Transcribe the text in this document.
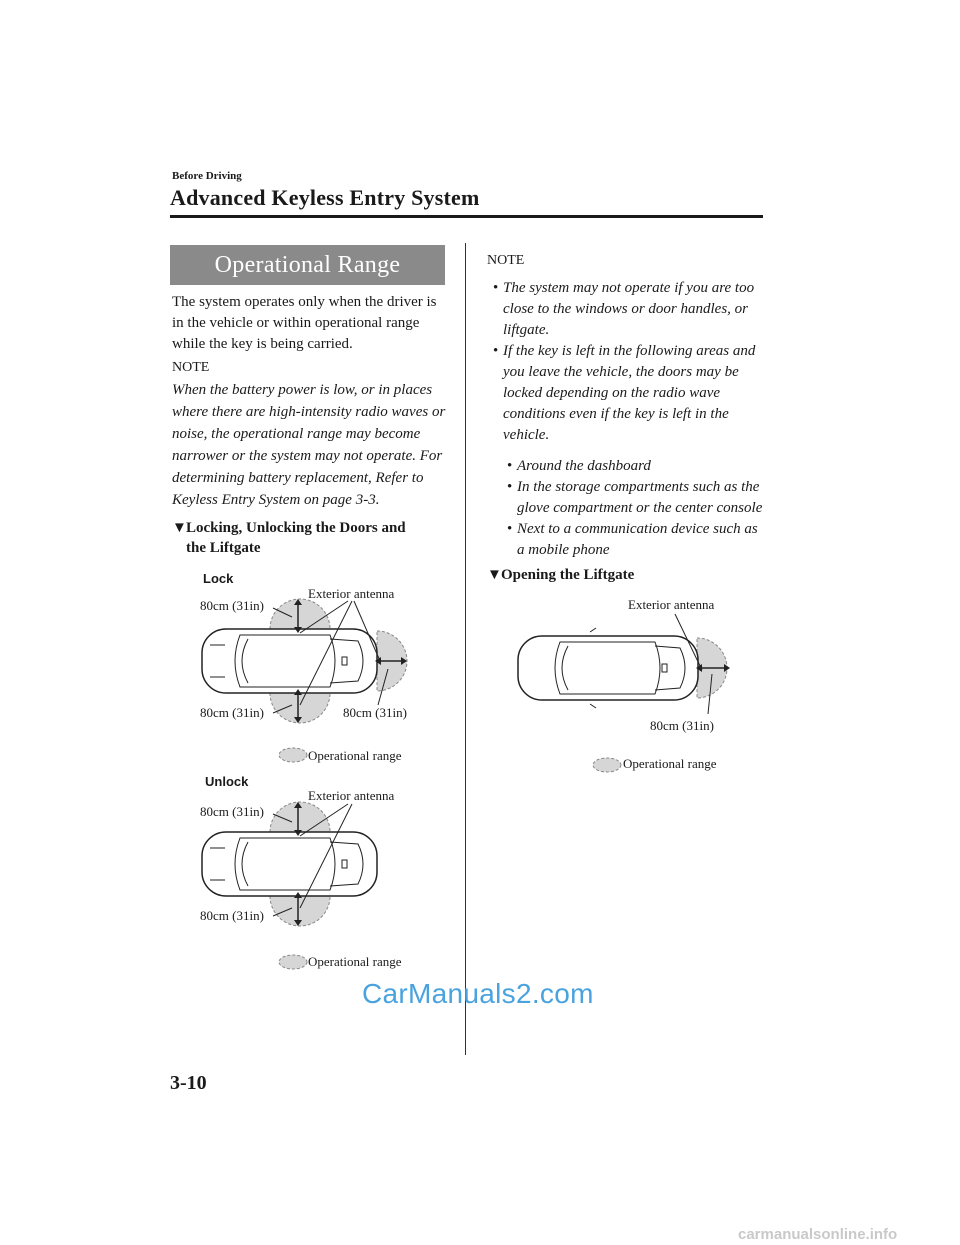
Before Driving
Advanced Keyless Entry System
Operational Range
The system operates only when the driver is in the vehicle or within operational range while the key is being carried.
NOTE
When the battery power is low, or in places where there are high-intensity radio waves or noise, the operational range may become narrower or the system may not operate. For determining battery replacement, Refer to Keyless Entry System on page 3-3.
▼Locking, Unlocking the Doors and
the Liftgate
Lock
Exterior antenna
80cm (31in)
80cm (31in)	80cm (31in)
Operational range
Unlock
Exterior antenna
80cm (31in)
80cm (31in)
Operational range
NOTE
• The system may not operate if you are too close to the windows or door handles, or liftgate.
• If the key is left in the following areas and you leave the vehicle, the doors may be locked depending on the radio wave conditions even if the key is left in the vehicle.
• Around the dashboard
• In the storage compartments such as the glove compartment or the center console
• Next to a communication device such as a mobile phone
▼Opening the Liftgate
Exterior antenna
80cm (31in)
Operational range
CarManuals2.com
3-10
carmanualsonline.info
